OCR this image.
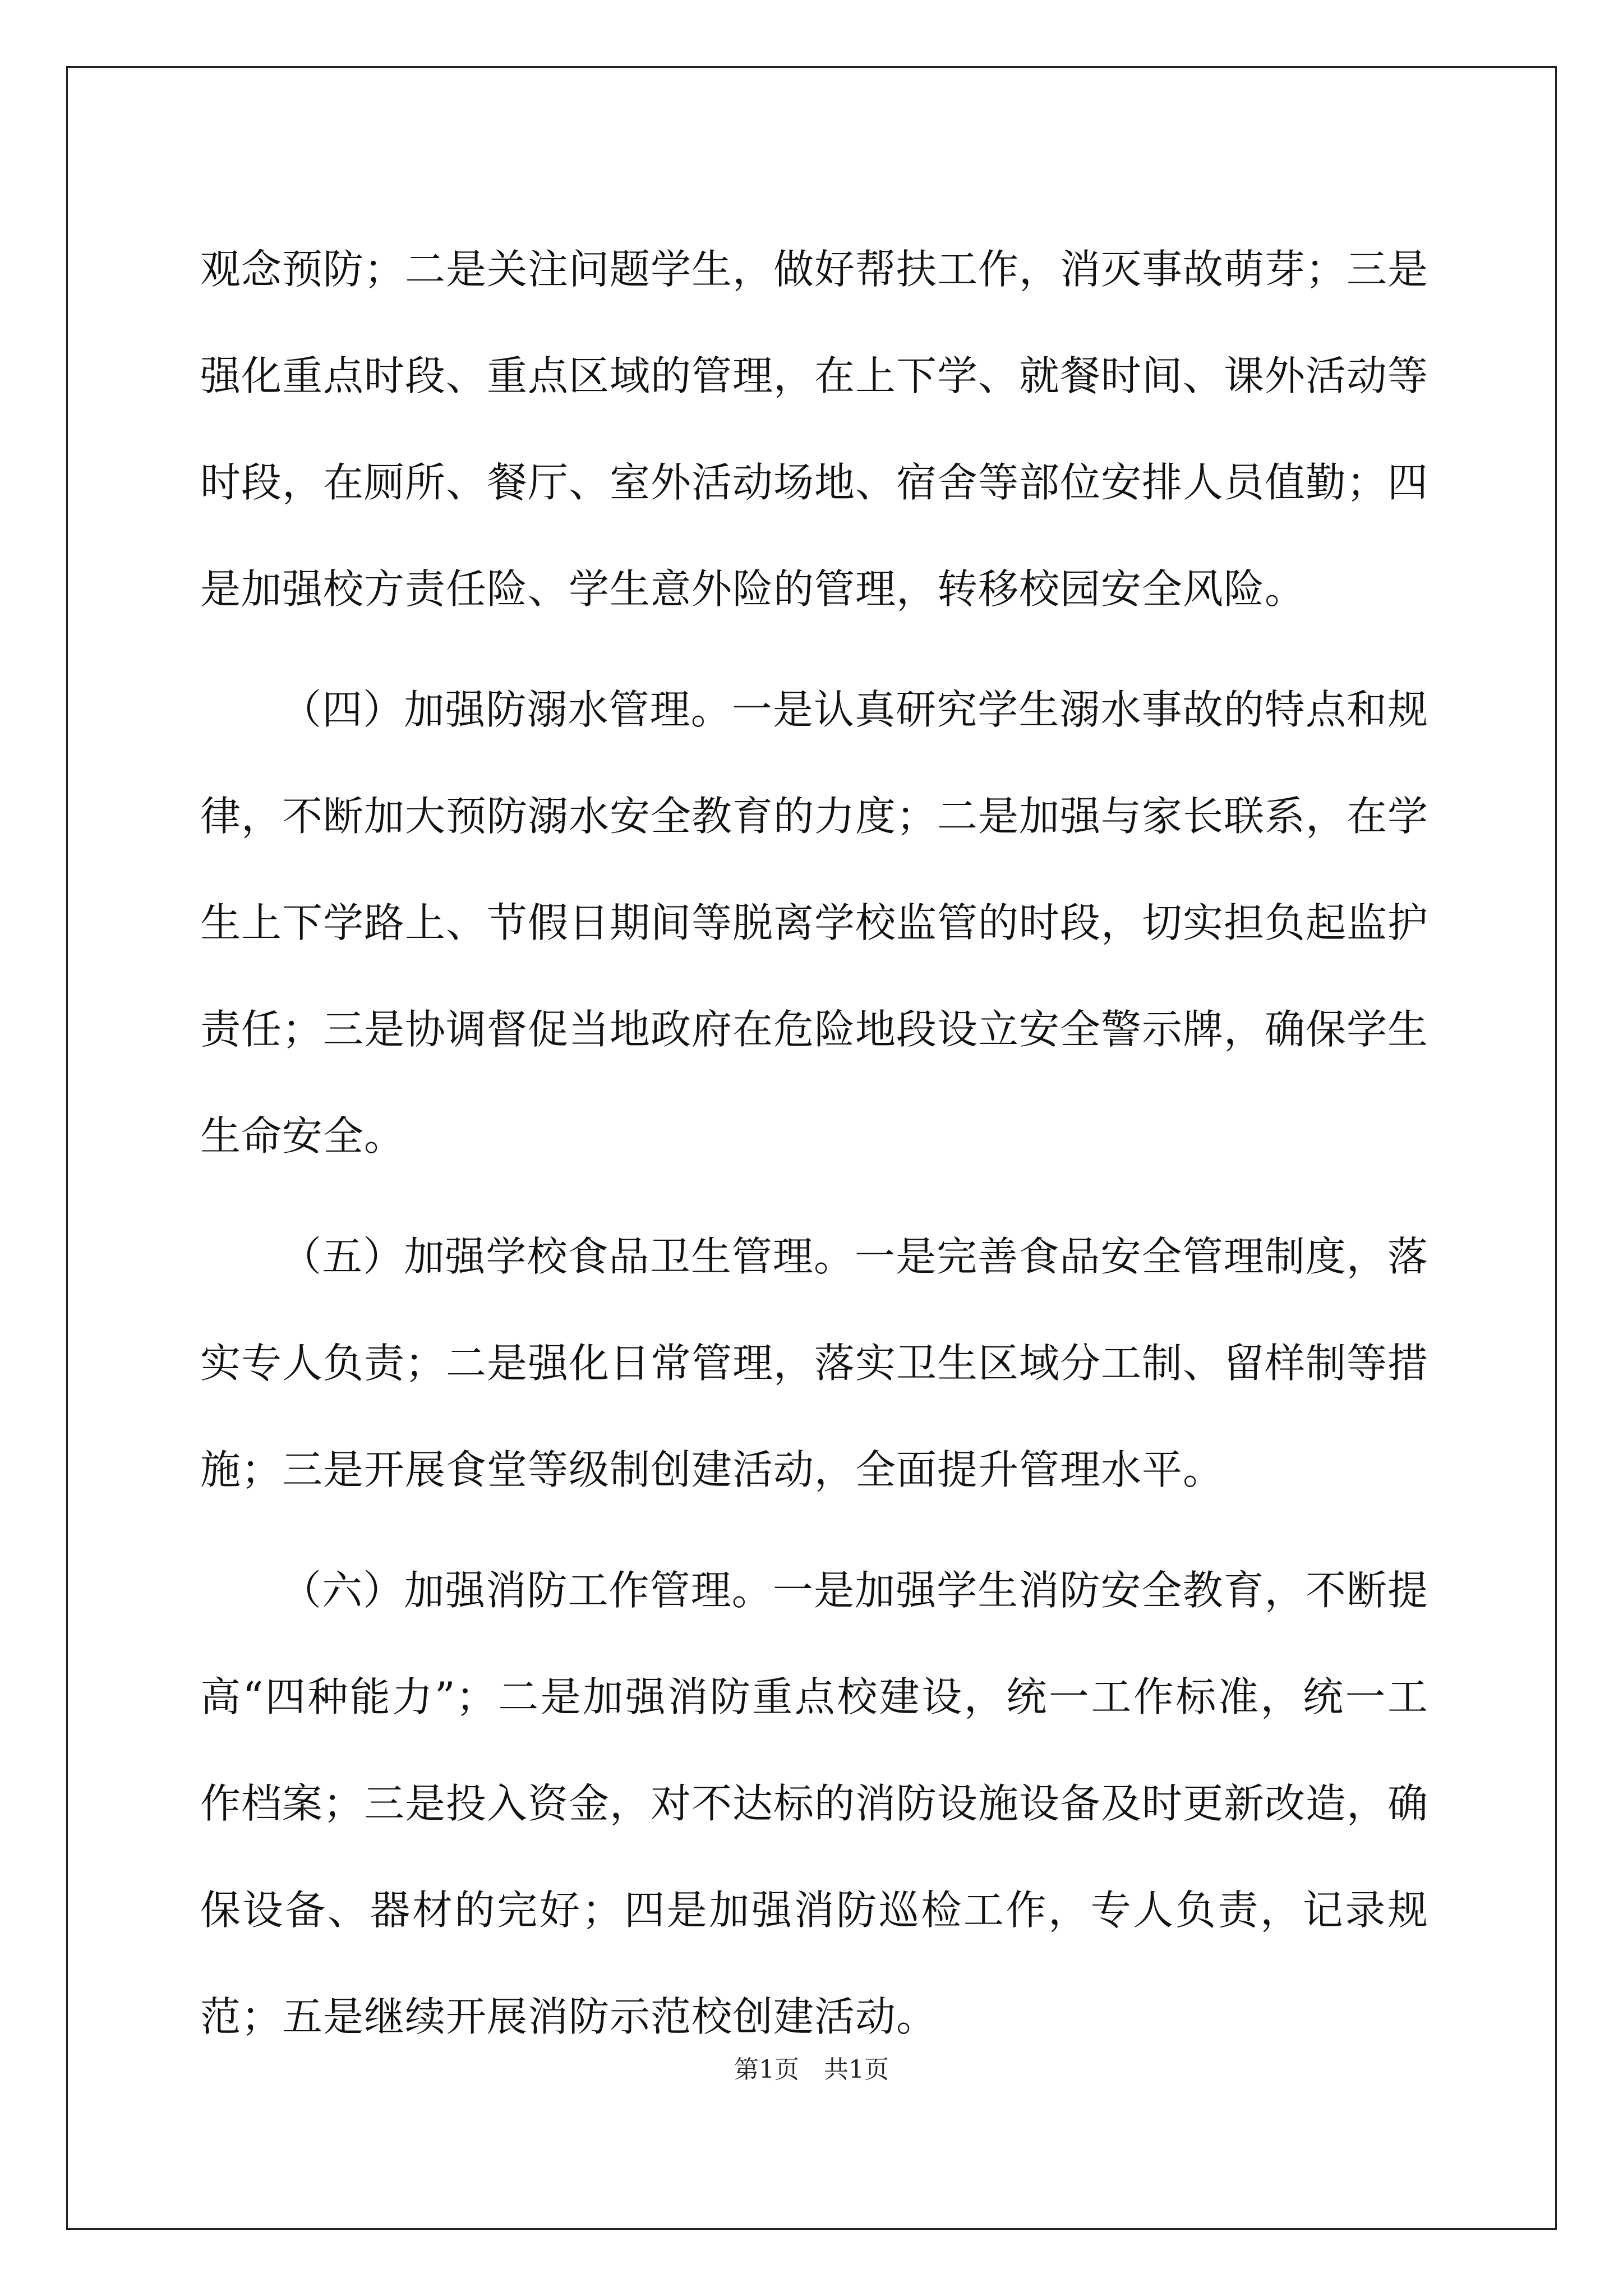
观念预防；二是关注问题学生，做好帮扶工作，消灭事故萌芽；三是强化重点时段、重点区域的管理，在上下学、就餐时间、课外活动等时段，在厕所、餐厅、室外活动场地、宿舍等部位安排人员值勤；四是加强校方责任险、学生意外险的管理，转移校园安全风险。

（四）加强防溺水管理。一是认真研究学生溺水事故的特点和规律，不断加大预防溺水安全教育的力度；二是加强与家长联系，在学生上下学路上、节假日期间等脱离学校监管的时段，切实担负起监护责任；三是协调督促当地政府在危险地段设立安全警示牌，确保学生生命安全。

（五）加强学校食品卫生管理。一是完善食品安全管理制度，落实专人负责；二是强化日常管理，落实卫生区域分工制、留样制等措施；三是开展食堂等级制创建活动，全面提升管理水平。

（六）加强消防工作管理。一是加强学生消防安全教育，不断提高“四种能力”；二是加强消防重点校建设，统一工作标准，统一工作档案；三是投入资金，对不达标的消防设施设备及时更新改造，确保设备、器材的完好；四是加强消防巡检工作，专人负责，记录规范；五是继续开展消防示范校创建活动。

第1页　共1页
